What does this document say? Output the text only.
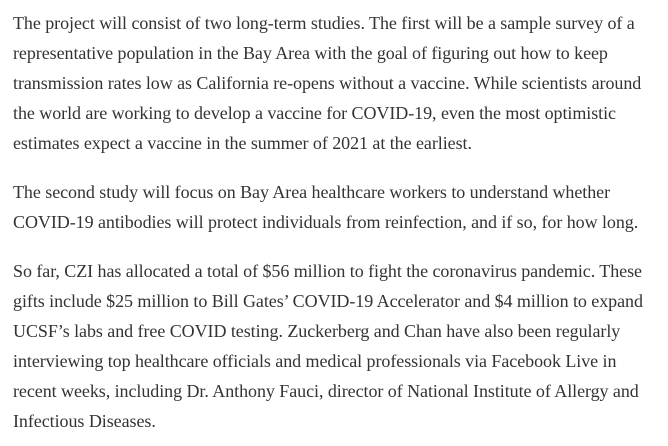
The project will consist of two long-term studies. The first will be a sample survey of a representative population in the Bay Area with the goal of figuring out how to keep transmission rates low as California re-opens without a vaccine. While scientists around the world are working to develop a vaccine for COVID-19, even the most optimistic estimates expect a vaccine in the summer of 2021 at the earliest.

The second study will focus on Bay Area healthcare workers to understand whether COVID-19 antibodies will protect individuals from reinfection, and if so, for how long.

So far, CZI has allocated a total of $56 million to fight the coronavirus pandemic. These gifts include $25 million to Bill Gates’ COVID-19 Accelerator and $4 million to expand UCSF’s labs and free COVID testing. Zuckerberg and Chan have also been regularly interviewing top healthcare officials and medical professionals via Facebook Live in recent weeks, including Dr. Anthony Fauci, director of National Institute of Allergy and Infectious Diseases.
